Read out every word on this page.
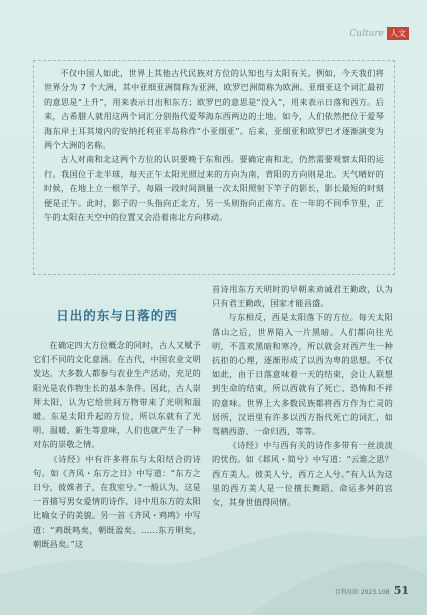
Culture 人文

不仅中国人如此，世界上其他古代民族对方位的认知也与太阳有关。例如，今天我们将世界分为 7 个大洲，其中亚细亚洲简称为亚洲，欧罗巴洲简称为欧洲。亚细亚这个词汇最初的意思是“上升”，用来表示日出和东方；欧罗巴的意思是“没入”，用来表示日落和西方。后来，古希腊人就用这两个词汇分别指代爱琴海东西两边的土地。如今，人们依然把位于爱琴海东岸土耳其境内的安纳托利亚半岛称作“小亚细亚”。后来，亚细亚和欧罗巴才逐渐演变为两个大洲的名称。

古人对南和北这两个方位的认识要晚于东和西。要确定南和北，仍然需要观察太阳的运行。我国位于北半球，每天正午太阳光照过来的方向为南，背阳的方向则是北。天气晴好的时候，在地上立一根竿子，每隔一段时间测量一次太阳照射下竿子的影长，影长最短的时刻便是正午。此时，影子的一头指向正北方，另一头则指向正南方。在一年的不同季节里，正午的太阳在天空中的位置又会沿着南北方向移动。

日出的东与日落的西

在确定四大方位概念的同时，古人又赋予它们不同的文化意涵。在古代，中国农业文明发达，大多数人都参与农业生产活动，充足的阳光是农作物生长的基本条件。因此，古人崇拜太阳，认为它给世间万物带来了光明和温暖。东是太阳升起的方位，所以东就有了光明、温暖、新生等意味，人们也就产生了一种对东的崇敬之情。

《诗经》中有许多将东与太阳结合的诗句。如《齐风・东方之日》中写道：“东方之日兮，彼姝者子，在我室兮。”一般认为，这是一首描写男女爱情的诗作，诗中用东方的太阳比喻女子的美貌。另一首《齐风・鸡鸣》中写道：“鸡既鸣矣，朝既盈矣。……东方明矣，朝既昌矣。”这

首诗用东方天明时的早朝来劝诫君王勤政，认为只有君王勤政，国家才能昌盛。

与东相反，西是太阳落下的方位。每天太阳落山之后，世界陷入一片黑暗。人们都向往光明，不喜欢黑暗和寒冷，所以就会对西产生一种抗拒的心理，逐渐形成了以西为卑的思想。不仅如此，由于日落意味着一天的结束，会让人联想到生命的结束，所以西就有了死亡、恐怖和不祥的意味。世界上大多数民族都将西方作为亡灵的居所，汉语里有许多以西方指代死亡的词汇，如驾鹤西游、一命归西，等等。

《诗经》中与西有关的诗作多带有一丝淡淡的忧伤。如《邶风・简兮》中写道：“云谁之思？西方美人。彼美人兮，西方之人兮。”有人认为这里的西方美人是一位擅长舞蹈、命运多舛的宫女，其身世值得同情。

百科知识 2023.10B 51
